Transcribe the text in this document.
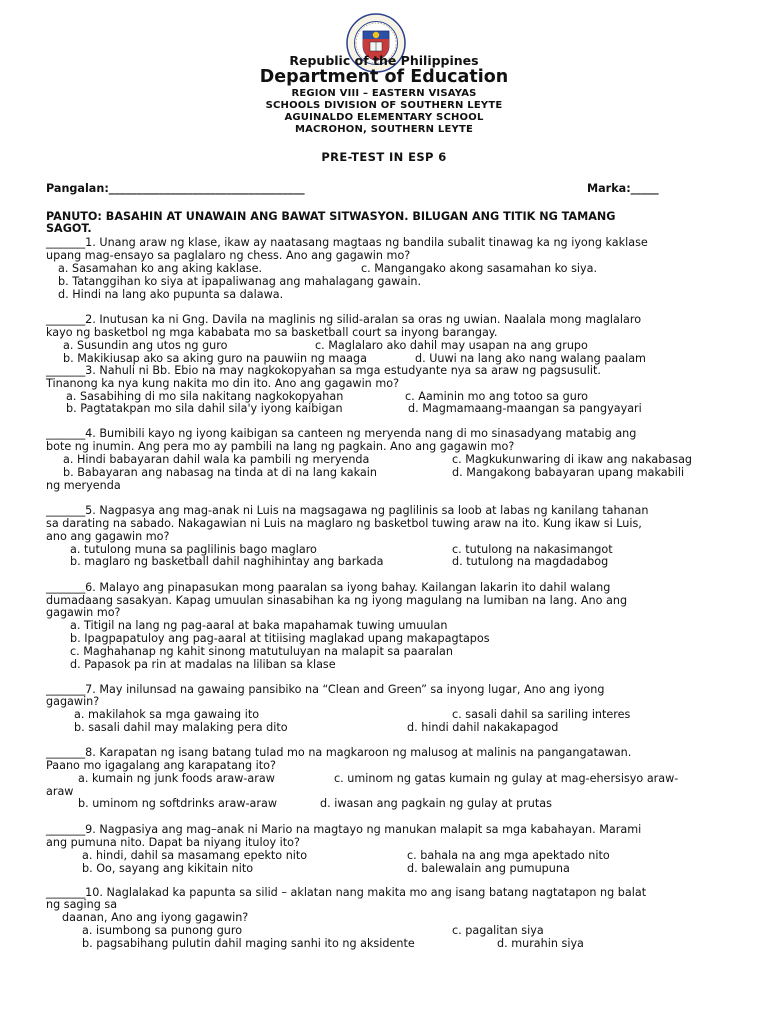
Republic of the Philippines
Department of Education
REGION VIII – EASTERN VISAYAS
SCHOOLS DIVISION OF SOUTHERN LEYTE
AGUINALDO ELEMENTARY SCHOOL
MACROHON, SOUTHERN LEYTE
PRE-TEST IN ESP 6
Pangalan:___________________________________	Marka:_____
PANUTO: BASAHIN AT UNAWAIN ANG BAWAT SITWASYON. BILUGAN ANG TITIK NG TAMANG
SAGOT.
_______1. Unang araw ng klase, ikaw ay naatasang magtaas ng bandila subalit tinawag ka ng iyong kaklase
upang mag-ensayo sa paglalaro ng chess. Ano ang gagawin mo?
a. Sasamahan ko ang aking kaklase.	c. Mangangako akong sasamahan ko siya.
b. Tatanggihan ko siya at ipapaliwanag ang mahalagang gawain.
d. Hindi na lang ako pupunta sa dalawa.
_______2. Inutusan ka ni Gng. Davila na maglinis ng silid-aralan sa oras ng uwian. Naalala mong maglalaro
kayo ng basketbol ng mga kababata mo sa basketball court sa inyong barangay.
a. Susundin ang utos ng guro	c. Maglalaro ako dahil may usapan na ang grupo
b. Makikiusap ako sa aking guro na pauwiin ng maaga	d. Uuwi na lang ako nang walang paalam
_______3. Nahuli ni Bb. Ebio na may nagkokopyahan sa mga estudyante nya sa araw ng pagsusulit.
Tinanong ka nya kung nakita mo din ito. Ano ang gagawin mo?
a. Sasabihing di mo sila nakitang nagkokopyahan	c. Aaminin mo ang totoo sa guro
b. Pagtatakpan mo sila dahil sila'y iyong kaibigan	d. Magmamaang-maangan sa pangyayari
_______4. Bumibili kayo ng iyong kaibigan sa canteen ng meryenda nang di mo sinasadyang matabig ang
bote ng inumin. Ang pera mo ay pambili na lang ng pagkain. Ano ang gagawin mo?
a. Hindi babayaran dahil wala ka pambili ng meryenda	c. Magkukunwaring di ikaw ang nakabasag
b. Babayaran ang nabasag na tinda at di na lang kakain	d. Mangakong babayaran upang makabili
ng meryenda
_______5. Nagpasya ang mag-anak ni Luis na magsagawa ng paglilinis sa loob at labas ng kanilang tahanan
sa darating na sabado. Nakagawian ni Luis na maglaro ng basketbol tuwing araw na ito. Kung ikaw si Luis,
ano ang gagawin mo?
a. tutulong muna sa paglilinis bago maglaro	c. tutulong na nakasimangot
b. maglaro ng basketball dahil naghihintay ang barkada	d. tutulong na magdadabog
_______6. Malayo ang pinapasukan mong paaralan sa iyong bahay. Kailangan lakarin ito dahil walang
dumadaang sasakyan. Kapag umuulan sinasabihan ka ng iyong magulang na lumiban na lang. Ano ang
gagawin mo?
a. Titigil na lang ng pag-aaral at baka mapahamak tuwing umuulan
b. Ipagpapatuloy ang pag-aaral at titiising maglakad upang makapagtapos
c. Maghahanap ng kahit sinong matutuluyan na malapit sa paaralan
d. Papasok pa rin at madalas na liliban sa klase
_______7. May inilunsad na gawaing pansibiko na “Clean and Green” sa inyong lugar, Ano ang iyong
gagawin?
a. makilahok sa mga gawaing ito	c. sasali dahil sa sariling interes
b. sasali dahil may malaking pera dito	d. hindi dahil nakakapagod
_______8. Karapatan ng isang batang tulad mo na magkaroon ng malusog at malinis na pangangatawan.
Paano mo igagalang ang karapatang ito?
a. kumain ng junk foods araw-araw	c. uminom ng gatas kumain ng gulay at mag-ehersisyo araw-
araw
b. uminom ng softdrinks araw-araw	d. iwasan ang pagkain ng gulay at prutas
_______9. Nagpasiya ang mag–anak ni Mario na magtayo ng manukan malapit sa mga kabahayan. Marami
ang pumuna nito. Dapat ba niyang ituloy ito?
a. hindi, dahil sa masamang epekto nito	c. bahala na ang mga apektado nito
b. Oo, sayang ang kikitain nito	d. balewalain ang pumupuna
_______10. Naglalakad ka papunta sa silid – aklatan nang makita mo ang isang batang nagtatapon ng balat
ng saging sa
daanan, Ano ang iyong gagawin?
a. isumbong sa punong guro	c. pagalitan siya
b. pagsabihang pulutin dahil maging sanhi ito ng aksidente	d. murahin siya
